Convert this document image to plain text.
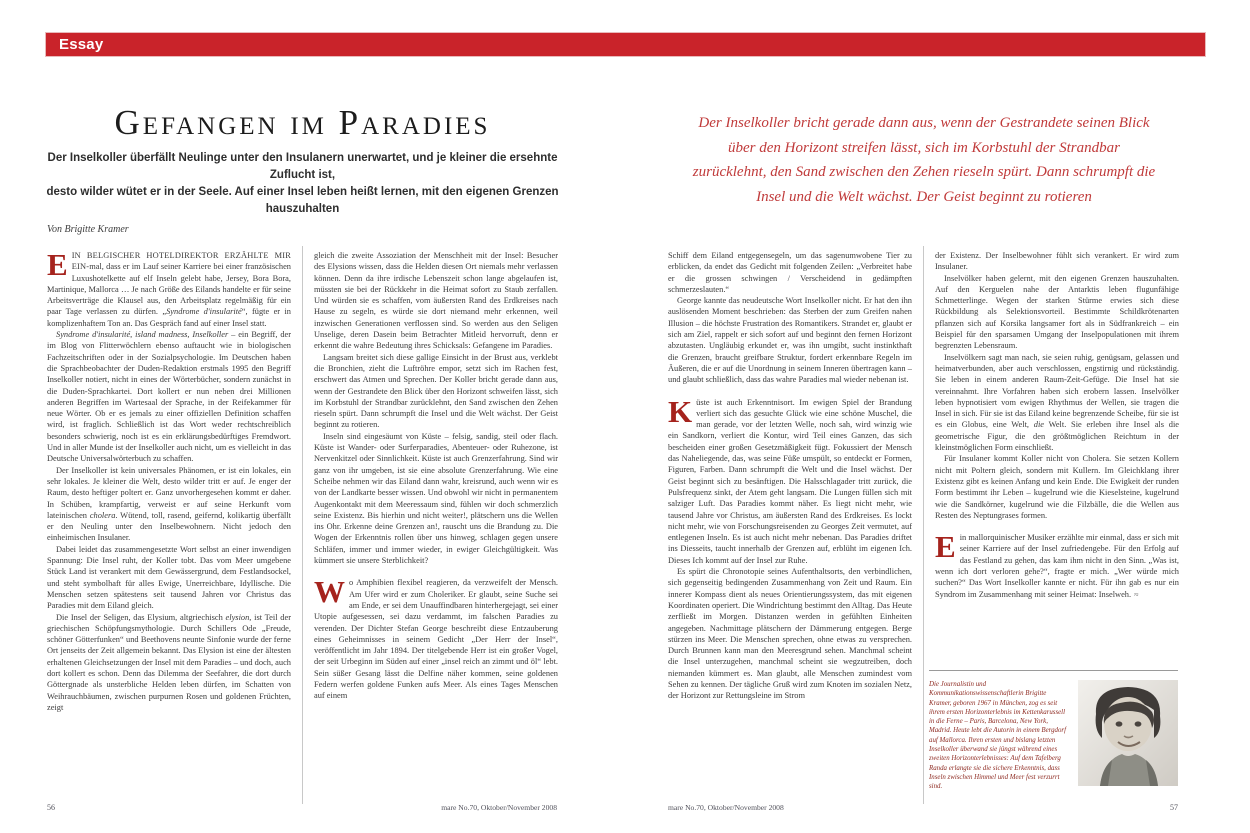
Essay
Gefangen im Paradies
Der Inselkoller überfällt Neulinge unter den Insulanern unerwartet, und je kleiner die ersehnte Zuflucht ist,
desto wilder wütet er in der Seele. Auf einer Insel leben heißt lernen, mit den eigenen Grenzen hauszuhalten
Von Brigitte Kramer
Der Inselkoller bricht gerade dann aus, wenn der Gestrandete seinen Blick
über den Horizont streifen lässt, sich im Korbstuhl der Strandbar
zurücklehnt, den Sand zwischen den Zehen rieseln spürt. Dann schrumpft die
Insel und die Welt wächst. Der Geist beginnt zu rotieren

EIN BELGISCHER HOTELDIREKTOR ERZÄHLTE MIR EIN-mal, dass er im Lauf seiner Karriere bei einer französischen Luxushotelkette auf elf Inseln gelebt habe, Jersey, Bora Bora, Martinique, Mallorca … Je nach Größe des Eilands handelte er für seine Arbeitsverträge die Klausel aus, den Arbeitsplatz regelmäßig für ein paar Tage verlassen zu dürfen. „Syndrome d'insularité“, fügte er in komplizenhaftem Ton an. Das Gespräch fand auf einer Insel statt.

Syndrome d'insularité, island madness, Inselkoller – ein Begriff, der im Blog von Flitterwöchlern ebenso auftaucht wie in biologischen Fachzeitschriften oder in der Sozialpsychologie. Im Deutschen haben die Sprachbeobachter der Duden-Redaktion erstmals 1995 den Begriff Inselkoller notiert, nicht in eines der Wörterbücher, sondern zunächst in die Duden-Sprachkartei. Dort kollert er nun neben drei Millionen anderen Begriffen im Wartesaal der Sprache, in der Reifekammer für neue Wörter. Ob er es jemals zu einer offiziellen Definition schaffen wird, ist fraglich. Schließlich ist das Wort weder rechtschreiblich besonders schwierig, noch ist es ein erklärungsbedürftiges Fremdwort. Und in aller Munde ist der Inselkoller auch nicht, um es vielleicht in das Deutsche Universalwörterbuch zu schaffen.

Der Inselkoller ist kein universales Phänomen, er ist ein lokales, ein sehr lokales. Je kleiner die Welt, desto wilder tritt er auf. Je enger der Raum, desto heftiger poltert er. Ganz unvorhergesehen kommt er daher. In Schüben, krampfartig, verweist er auf seine Herkunft vom lateinischen cholera. Wütend, toll, rasend, geifernd, kolikartig überfällt er den Neuling unter den Inselbewohnern. Nicht jedoch den einheimischen Insulaner.

Dabei leidet das zusammengesetzte Wort selbst an einer inwendigen Spannung: Die Insel ruht, der Koller tobt. Das vom Meer umgebene Stück Land ist verankert mit dem Gewässergrund, dem Festlandsockel, und steht symbolhaft für alles Ewige, Unerreichbare, Idyllische. Die Menschen setzen spätestens seit tausend Jahren vor Christus das Paradies mit dem Eiland gleich.

Die Insel der Seligen, das Elysium, altgriechisch elysion, ist Teil der griechischen Schöpfungsmythologie. Durch Schillers Ode „Freude, schöner Götterfunken“ und Beethovens neunte Sinfonie wurde der ferne Ort jenseits der Zeit allgemein bekannt. Das Elysion ist eine der ältesten erhaltenen Gleichsetzungen der Insel mit dem Paradies – und doch, auch dort kollert es schon. Denn das Dilemma der Seefahrer, die dort durch Göttergnade als unsterbliche Helden leben dürfen, im Schatten von Weihrauchbäumen, zwischen purpurnen Rosen und goldenen Früchten, zeigt

gleich die zweite Assoziation der Menschheit mit der Insel: Besucher des Elysions wissen, dass die Helden diesen Ort niemals mehr verlassen können. Denn da ihre irdische Lebenszeit schon lange abgelaufen ist, müssten sie bei der Rückkehr in die Heimat sofort zu Staub zerfallen. Und würden sie es schaffen, vom äußersten Rand des Erdkreises nach Hause zu segeln, es würde sie dort niemand mehr erkennen, weil inzwischen Generationen verflossen sind. So werden aus den Seligen Unselige, deren Dasein beim Betrachter Mitleid hervorruft, denn er erkennt die wahre Bedeutung ihres Schicksals: Gefangene im Paradies.

Langsam breitet sich diese gallige Einsicht in der Brust aus, verklebt die Bronchien, zieht die Luftröhre empor, setzt sich im Rachen fest, erschwert das Atmen und Sprechen. Der Koller bricht gerade dann aus, wenn der Gestrandete den Blick über den Horizont schweifen lässt, sich im Korbstuhl der Strandbar zurücklehnt, den Sand zwischen den Zehen rieseln spürt. Dann schrumpft die Insel und die Welt wächst. Der Geist beginnt zu rotieren.

Inseln sind eingesäumt von Küste – felsig, sandig, steil oder flach. Küste ist Wander- oder Surferparadies, Abenteuer- oder Ruhezone, ist Nervenkitzel oder Sinnlichkeit. Küste ist auch Grenzerfahrung. Sind wir ganz von ihr umgeben, ist sie eine absolute Grenzerfahrung. Wie eine Scheibe nehmen wir das Eiland dann wahr, kreisrund, auch wenn wir es von der Landkarte besser wissen. Und obwohl wir nicht in permanentem Augenkontakt mit dem Meeressaum sind, fühlen wir doch schmerzlich seine Existenz. Bis hierhin und nicht weiter!, plätschern uns die Wellen ins Ohr. Erkenne deine Grenzen an!, rauscht uns die Brandung zu. Die Wogen der Erkenntnis rollen über uns hinweg, schlagen gegen unsere Schläfen, immer und immer wieder, in ewiger Gleichgültigkeit. Was kümmert sie unsere Sterblichkeit?

Wo Amphibien flexibel reagieren, da verzweifelt der Mensch. Am Ufer wird er zum Choleriker. Er glaubt, seine Suche sei am Ende, er sei dem Unauffindbaren hinterhergejagt, sei einer Utopie aufgesessen, sei dazu verdammt, im falschen Paradies zu verenden. Der Dichter Stefan George beschreibt diese Entzauberung eines Geheimnisses in seinem Gedicht „Der Herr der Insel“, veröffentlicht im Jahr 1894. Der titelgebende Herr ist ein großer Vogel, der seit Urbeginn im Süden auf einer „insel reich an zimmt und öl“ lebt. Sein süßer Gesang lässt die Delfine näher kommen, seine goldenen Federn werfen goldene Funken aufs Meer. Als eines Tages Menschen auf einem

Schiff dem Eiland entgegensegeln, um das sagenumwobene Tier zu erblicken, da endet das Gedicht mit folgenden Zeilen: „Verbreitet habe er die grossen schwingen / Verscheidend in gedämpften schmerzeslauten.“

George kannte das neudeutsche Wort Inselkoller nicht. Er hat den ihn auslösenden Moment beschrieben: das Sterben der zum Greifen nahen Illusion – die höchste Frustration des Romantikers. Strandet er, glaubt er sich am Ziel, rappelt er sich sofort auf und beginnt den fernen Horizont abzutasten. Ungläubig erkundet er, was ihn umgibt, sucht instinkthaft die Grenzen, braucht greifbare Struktur, fordert erkennbare Regeln im Äußeren, die er auf die Unordnung in seinem Inneren übertragen kann – und glaubt schließlich, dass das wahre Paradies mal wieder nebenan ist.

Küste ist auch Erkenntnisort. Im ewigen Spiel der Brandung verliert sich das gesuchte Glück wie eine schöne Muschel, die man gerade, vor der letzten Welle, noch sah, wird winzig wie ein Sandkorn, verliert die Kontur, wird Teil eines Ganzen, das sich bescheiden einer großen Gesetzmäßigkeit fügt. Fokussiert der Mensch das Naheliegende, das, was seine Füße umspült, so entdeckt er Formen, Figuren, Farben. Dann schrumpft die Welt und die Insel wächst. Der Geist beginnt sich zu besänftigen. Die Halsschlagader tritt zurück, die Pulsfrequenz sinkt, der Atem geht langsam. Die Lungen füllen sich mit salziger Luft. Das Paradies kommt näher. Es liegt nicht mehr, wie tausend Jahre vor Christus, am äußersten Rand des Erdkreises. Es lockt nicht mehr, wie von Forschungsreisenden zu Georges Zeit vermutet, auf entlegenen Inseln. Es ist auch nicht mehr nebenan. Das Paradies driftet ins Diesseits, taucht innerhalb der Grenzen auf, erblüht im eigenen Ich. Dieses Ich kommt auf der Insel zur Ruhe.

Es spürt die Chronotopie seines Aufenthaltsorts, den verbindlichen, sich gegenseitig bedingenden Zusammenhang von Zeit und Raum. Ein innerer Kompass dient als neues Orientierungssystem, das mit eigenen Koordinaten operiert. Die Windrichtung bestimmt den Alltag. Das Heute zerfließt im Morgen. Distanzen werden in gefühlten Einheiten angegeben. Nachmittage plätschern der Dämmerung entgegen. Berge stürzen ins Meer. Die Menschen sprechen, ohne etwas zu versprechen. Durch Brunnen kann man den Meeresgrund sehen. Manchmal scheint die Insel unterzugehen, manchmal scheint sie wegzutreiben, doch niemanden kümmert es. Man glaubt, alle Menschen zumindest vom Sehen zu kennen. Der tägliche Gruß wird zum Knoten im sozialen Netz, der Horizont zur Rettungsleine im Strom

der Existenz. Der Inselbewohner fühlt sich verankert. Er wird zum Insulaner.

Inselvölker haben gelernt, mit den eigenen Grenzen hauszuhalten. Auf den Kerguelen nahe der Antarktis leben flugunfähige Schmetterlinge. Wegen der starken Stürme erwies sich diese Rückbildung als Selektionsvorteil. Bestimmte Schildkrötenarten pflanzen sich auf Korsika langsamer fort als in Südfrankreich – ein Beispiel für den sparsamen Umgang der Inselpopulationen mit ihrem begrenzten Lebensraum.

Inselvölkern sagt man nach, sie seien ruhig, genügsam, gelassen und heimatverbunden, aber auch verschlossen, engstirnig und rückständig. Sie leben in einem anderen Raum-Zeit-Gefüge. Die Insel hat sie vereinnahmt. Ihre Vorfahren haben sich erobern lassen. Inselvölker leben hypnotisiert vom ewigen Rhythmus der Wellen, sie tragen die Insel in sich. Für sie ist das Eiland keine begrenzende Scheibe, für sie ist es ein Globus, eine Welt, die Welt. Sie erleben ihre Insel als die geometrische Figur, die den größtmöglichen Reichtum in der kleinstmöglichen Form einschließt.

Für Insulaner kommt Koller nicht von Cholera. Sie setzen Kollern nicht mit Poltern gleich, sondern mit Kullern. Im Gleichklang ihrer Existenz gibt es keinen Anfang und kein Ende. Die Ewigkeit der runden Form bestimmt ihr Leben – kugelrund wie die Kieselsteine, kugelrund wie die Sandkörner, kugelrund wie die Filzbälle, die die Wellen aus Resten des Neptungrases formen.

Ein mallorquinischer Musiker erzählte mir einmal, dass er sich mit seiner Karriere auf der Insel zufriedengebe. Für den Erfolg auf das Festland zu gehen, das kam ihm nicht in den Sinn. „Was ist, wenn ich dort verloren gehe?“, fragte er mich. „Wer würde mich suchen?“ Das Wort Inselkoller kannte er nicht. Für ihn gab es nur ein Syndrom im Zusammenhang mit seiner Heimat: Inselweh. ≈

Die Journalistin und Kommunikationswissenschaftlerin Brigitte Kramer, geboren 1967 in München, zog es seit ihrem ersten Horizonterlebnis im Kettenkarussell in die Ferne – Paris, Barcelona, New York, Madrid. Heute lebt die Autorin in einem Bergdorf auf Mallorca. Ihren ersten und bislang letzten Inselkoller überwand sie jüngst während eines zweiten Horizonterlebnisses: Auf dem Tafelberg Randa erlangte sie die sichere Erkenntnis, dass Inseln zwischen Himmel und Meer fest verzurrt sind.
56	mare No.70, Oktober/November 2008	mare No.70, Oktober/November 2008	57
